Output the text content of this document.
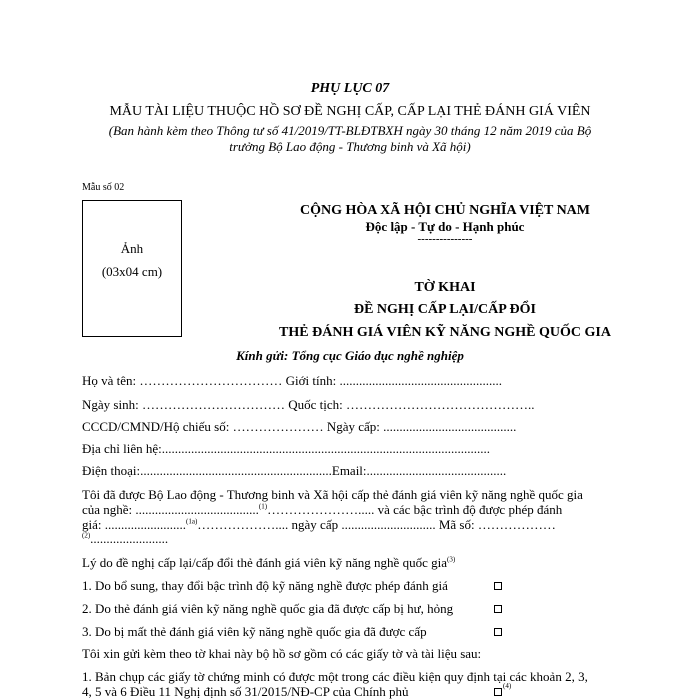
PHỤ LỤC 07
MẪU TÀI LIỆU THUỘC HỒ SƠ ĐỀ NGHỊ CẤP, CẤP LẠI THẺ ĐÁNH GIÁ VIÊN
(Ban hành kèm theo Thông tư số 41/2019/TT-BLĐTBXH ngày 30 tháng 12 năm 2019 của Bộ
trưởng Bộ Lao động - Thương binh và Xã hội)
Mẫu số 02
Ảnh
(03x04 cm)
CỘNG HÒA XÃ HỘI CHỦ NGHĨA VIỆT NAM
Độc lập - Tự do - Hạnh phúc
---------------
TỜ KHAI
ĐỀ NGHỊ CẤP LẠI/CẤP ĐỔI
THẺ ĐÁNH GIÁ VIÊN KỸ NĂNG NGHỀ QUỐC GIA
Kính gửi: Tổng cục Giáo dục nghề nghiệp
Họ và tên: …………………………… Giới tính: ..................................................
Ngày sinh: …………………………… Quốc tịch: ……………………………………..
CCCD/CMND/Hộ chiếu số: ………………… Ngày cấp: .........................................
Địa chỉ liên hệ:.....................................................................................................
Điện thoại:...........................................................Email:...........................................
Tôi đã được Bộ Lao động - Thương binh và Xã hội cấp thẻ đánh giá viên kỹ năng nghề quốc gia
của nghề: ......................................$^{(1)}$…………………..... và các bậc trình độ được phép đánh
giá: .........................$^{(1a)}$……………….... ngày cấp ............................. Mã số: ………………
$^{(2)}$........................
Lý do đề nghị cấp lại/cấp đổi thẻ đánh giá viên kỹ năng nghề quốc gia$^{(3)}$
1. Do bổ sung, thay đổi bậc trình độ kỹ năng nghề được phép đánh giá
2. Do thẻ đánh giá viên kỹ năng nghề quốc gia đã được cấp bị hư, hỏng
3. Do bị mất thẻ đánh giá viên kỹ năng nghề quốc gia đã được cấp
Tôi xin gửi kèm theo tờ khai này bộ hồ sơ gồm có các giấy tờ và tài liệu sau:
1. Bản chụp các giấy tờ chứng minh có được một trong các điều kiện quy định tại các khoản 2, 3,
4, 5 và 6 Điều 11 Nghị định số 31/2015/NĐ-CP của Chính phủ	(4)
